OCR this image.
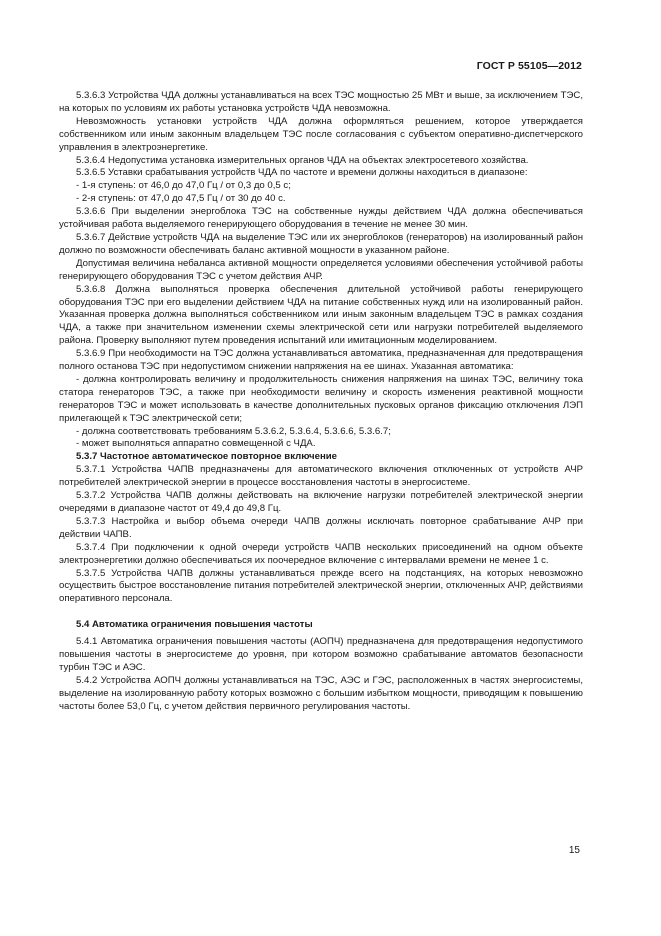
ГОСТ Р 55105—2012

5.3.6.3 Устройства ЧДА должны устанавливаться на всех ТЭС мощностью 25 МВт и выше, за исключением ТЭС, на которых по условиям их работы установка устройств ЧДА невозможна.

Невозможность установки устройств ЧДА должна оформляться решением, которое утверждается собственником или иным законным владельцем ТЭС после согласования с субъектом оперативно-диспетчерского управления в электроэнергетике.

5.3.6.4 Недопустима установка измерительных органов ЧДА на объектах электросетевого хозяйства.

5.3.6.5 Уставки срабатывания устройств ЧДА по частоте и времени должны находиться в диапазоне:

- 1-я ступень: от 46,0 до 47,0 Гц / от 0,3 до 0,5 с;

- 2-я ступень: от 47,0 до 47,5 Гц / от 30 до 40 с.

5.3.6.6 При выделении энергоблока ТЭС на собственные нужды действием ЧДА должна обеспечиваться устойчивая работа выделяемого генерирующего оборудования в течение не менее 30 мин.

5.3.6.7 Действие устройств ЧДА на выделение ТЭС или их энергоблоков (генераторов) на изолированный район должно по возможности обеспечивать баланс активной мощности в указанном районе.

Допустимая величина небаланса активной мощности определяется условиями обеспечения устойчивой работы генерирующего оборудования ТЭС с учетом действия АЧР.

5.3.6.8 Должна выполняться проверка обеспечения длительной устойчивой работы генерирующего оборудования ТЭС при его выделении действием ЧДА на питание собственных нужд или на изолированный район. Указанная проверка должна выполняться собственником или иным законным владельцем ТЭС в рамках создания ЧДА, а также при значительном изменении схемы электрической сети или нагрузки потребителей выделяемого района. Проверку выполняют путем проведения испытаний или имитационным моделированием.

5.3.6.9 При необходимости на ТЭС должна устанавливаться автоматика, предназначенная для предотвращения полного останова ТЭС при недопустимом снижении напряжения на ее шинах. Указанная автоматика:

- должна контролировать величину и продолжительность снижения напряжения на шинах ТЭС, величину тока статора генераторов ТЭС, а также при необходимости величину и скорость изменения реактивной мощности генераторов ТЭС и может использовать в качестве дополнительных пусковых органов фиксацию отключения ЛЭП прилегающей к ТЭС электрической сети;

- должна соответствовать требованиям 5.3.6.2, 5.3.6.4, 5.3.6.6, 5.3.6.7;

- может выполняться аппаратно совмещенной с ЧДА.

5.3.7 Частотное автоматическое повторное включение

5.3.7.1 Устройства ЧАПВ предназначены для автоматического включения отключенных от устройств АЧР потребителей электрической энергии в процессе восстановления частоты в энергосистеме.

5.3.7.2 Устройства ЧАПВ должны действовать на включение нагрузки потребителей электрической энергии очередями в диапазоне частот от 49,4 до 49,8 Гц.

5.3.7.3 Настройка и выбор объема очереди ЧАПВ должны исключать повторное срабатывание АЧР при действии ЧАПВ.

5.3.7.4 При подключении к одной очереди устройств ЧАПВ нескольких присоединений на одном объекте электроэнергетики должно обеспечиваться их поочередное включение с интервалами времени не менее 1 с.

5.3.7.5 Устройства ЧАПВ должны устанавливаться прежде всего на подстанциях, на которых невозможно осуществить быстрое восстановление питания потребителей электрической энергии, отключенных АЧР, действиями оперативного персонала.

5.4 Автоматика ограничения повышения частоты

5.4.1 Автоматика ограничения повышения частоты (АОПЧ) предназначена для предотвращения недопустимого повышения частоты в энергосистеме до уровня, при котором возможно срабатывание автоматов безопасности турбин ТЭС и АЭС.

5.4.2 Устройства АОПЧ должны устанавливаться на ТЭС, АЭС и ГЭС, расположенных в частях энергосистемы, выделение на изолированную работу которых возможно с большим избытком мощности, приводящим к повышению частоты более 53,0 Гц, с учетом действия первичного регулирования частоты.

15
